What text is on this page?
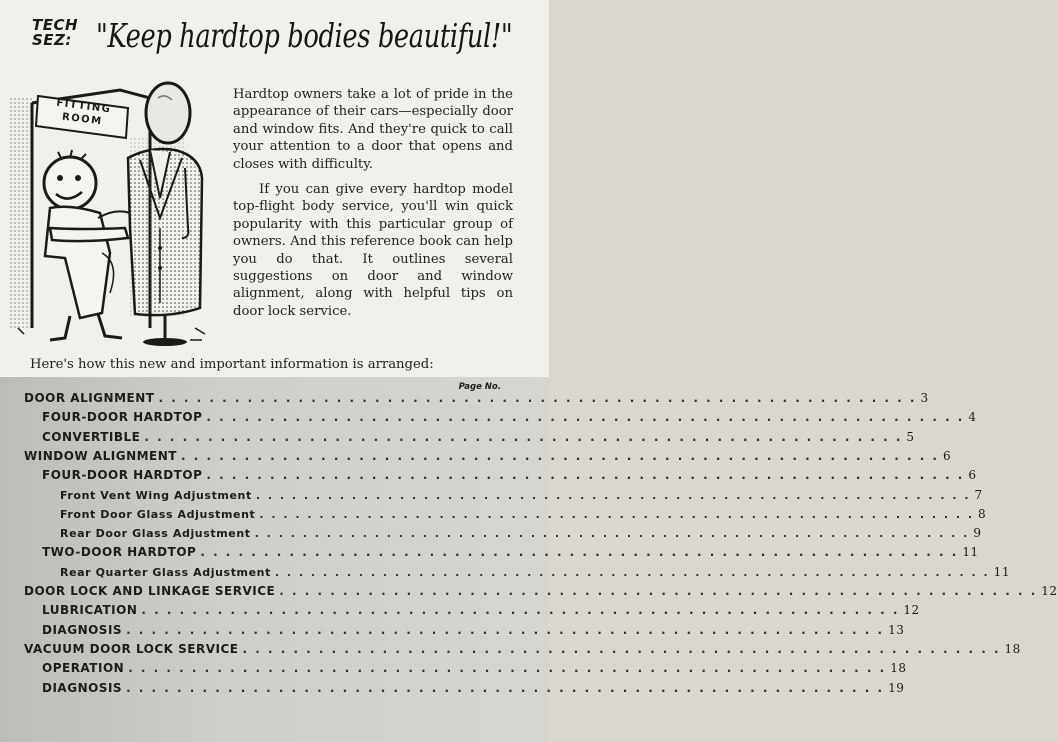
TECH SEZ: "Keep hardtop bodies beautiful!"
FITTING ROOM

Hardtop owners take a lot of pride in the appearance of their cars—especially door and window fits. And they're quick to call your attention to a door that opens and closes with difficulty.

If you can give every hardtop model top-flight body service, you'll win quick popularity with this particular group of owners. And this reference book can help you do that. It outlines several suggestions on door and window alignment, along with helpful tips on door lock service.

Here's how this new and important information is arranged:
Page No.
DOOR ALIGNMENT . . . . . . . . . . . . . . . . . . . . . . . . . . . . . . . . . . . . . . . . . . . . . . . . . . . . . . . . . . . . 3
FOUR-DOOR HARDTOP . . . . . . . . . . . . . . . . . . . . . . . . . . . . . . . . . . . . . . . . . . . . . . . . . . . . . . . . . . . . 4
CONVERTIBLE . . . . . . . . . . . . . . . . . . . . . . . . . . . . . . . . . . . . . . . . . . . . . . . . . . . . . . . . . . . . 5
WINDOW ALIGNMENT . . . . . . . . . . . . . . . . . . . . . . . . . . . . . . . . . . . . . . . . . . . . . . . . . . . . . . . . . . . . 6
FOUR-DOOR HARDTOP . . . . . . . . . . . . . . . . . . . . . . . . . . . . . . . . . . . . . . . . . . . . . . . . . . . . . . . . . . . . 6
Front Vent Wing Adjustment . . . . . . . . . . . . . . . . . . . . . . . . . . . . . . . . . . . . . . . . . . . . . . . . . . . . . . . . . . . . 7
Front Door Glass Adjustment . . . . . . . . . . . . . . . . . . . . . . . . . . . . . . . . . . . . . . . . . . . . . . . . . . . . . . . . . . . . 8
Rear Door Glass Adjustment . . . . . . . . . . . . . . . . . . . . . . . . . . . . . . . . . . . . . . . . . . . . . . . . . . . . . . . . . . . . 9
TWO-DOOR HARDTOP . . . . . . . . . . . . . . . . . . . . . . . . . . . . . . . . . . . . . . . . . . . . . . . . . . . . . . . . . . . . 11
Rear Quarter Glass Adjustment . . . . . . . . . . . . . . . . . . . . . . . . . . . . . . . . . . . . . . . . . . . . . . . . . . . . . . . . . . . . 11
DOOR LOCK AND LINKAGE SERVICE . . . . . . . . . . . . . . . . . . . . . . . . . . . . . . . . . . . . . . . . . . . . . . . . . . . . . . . . . . . . 12
LUBRICATION . . . . . . . . . . . . . . . . . . . . . . . . . . . . . . . . . . . . . . . . . . . . . . . . . . . . . . . . . . . . 12
DIAGNOSIS . . . . . . . . . . . . . . . . . . . . . . . . . . . . . . . . . . . . . . . . . . . . . . . . . . . . . . . . . . . . 13
VACUUM DOOR LOCK SERVICE . . . . . . . . . . . . . . . . . . . . . . . . . . . . . . . . . . . . . . . . . . . . . . . . . . . . . . . . . . . . 18
OPERATION . . . . . . . . . . . . . . . . . . . . . . . . . . . . . . . . . . . . . . . . . . . . . . . . . . . . . . . . . . . . 18
DIAGNOSIS . . . . . . . . . . . . . . . . . . . . . . . . . . . . . . . . . . . . . . . . . . . . . . . . . . . . . . . . . . . . 19
